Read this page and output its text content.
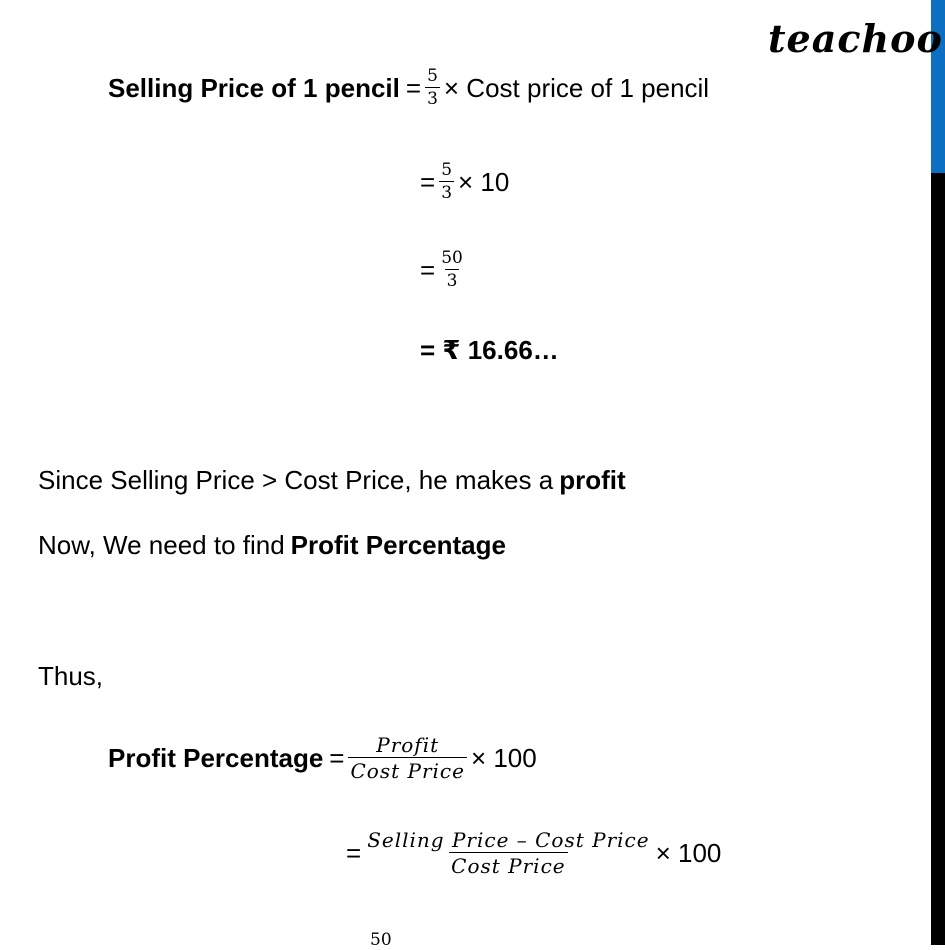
teachoo
Selling Price of 1 pencil = $\frac{5}{3}$ × Cost price of 1 pencil
= $\frac{5}{3} \times 10$
= $\frac{50}{3}$
= ₹ 16.66…
Since Selling Price > Cost Price, he makes a profit
Now, We need to find Profit Percentage
Thus,
Profit Percentage = $\frac{\text{Profit}}{\text{Cost Price}} \times 100$
= $\frac{\text{Selling Price – Cost Price}}{\text{Cost Price}} \times 100$
50
